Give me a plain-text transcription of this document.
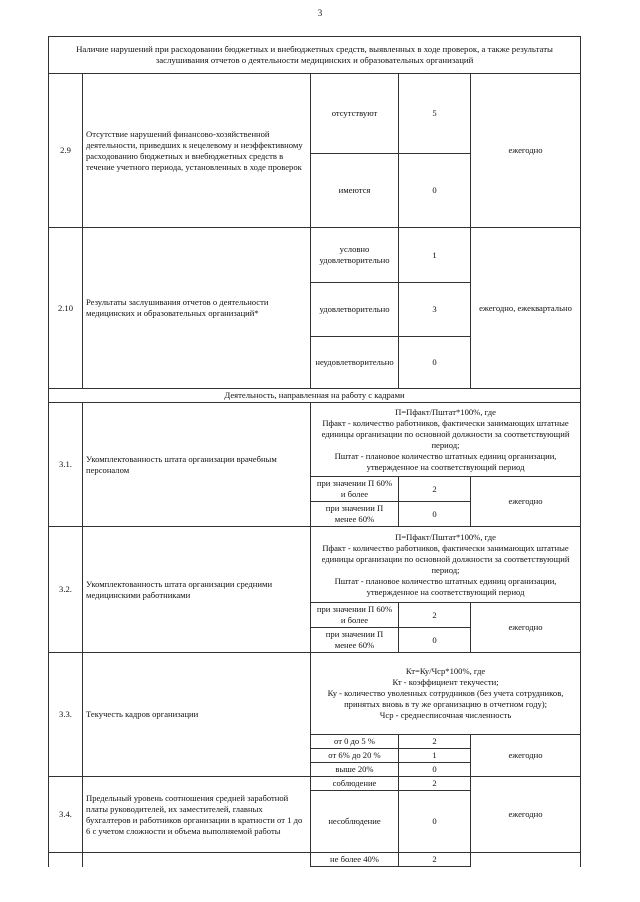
3
Наличие нарушений при расходовании бюджетных и внебюджетных средств, выявленных в ходе проверок, а также результаты заслушивания отчетов о деятельности медицинских и образовательных организаций				
2.9	Отсутствие нарушений финансово-хозяйственной деятельности, приведших к нецелевому и неэффективному расходованию бюджетных и внебюджетных средств в течение учетного периода, установленных в ходе проверок	отсутствуют	5	ежегодно
		имеются	0	
2.10	Результаты заслушивания отчетов о деятельности медицинских и образовательных организаций*	условно удовлетворительно	1	ежегодно, ежеквартально
		удовлетворительно	3	
		неудовлетворительно	0	
Деятельность, направленная на работу с кадрами				
3.1.	Укомплектованность штата организации врачебным персоналом	П=Пфакт/Пштат*100%, где
Пфакт - количество работников, фактически занимающих штатные единицы организации по основной должности за соответствующий период;
Пштат - плановое количество штатных единиц организации, утвержденное на соответствующий период		

		при значении П 60% и более	2	ежегодно
		при значении П менее 60%	0	
3.2.	Укомплектованность штата организации средними медицинскими работниками	П=Пфакт/Пштат*100%, где
Пфакт - количество работников, фактически занимающих штатные единицы организации по основной должности за соответствующий период;
Пштат - плановое количество штатных единиц организации, утвержденное на соответствующий период		

		при значении П 60% и более	2	ежегодно
		при значении П менее 60%	0	
3.3.	Текучесть кадров организации	Кт=Ку/Чср*100%, где
Кт - коэффициент текучести;
Ку - количество уволенных сотрудников (без учета сотрудников, принятых вновь в ту же организацию в отчетном году);
Чср - среднесписочная численность		

		от 0 до 5 %	2	ежегодно
		от 6% до 20 %	1	
		выше 20%	0	
3.4.	Предельный уровень соотношения средней заработной платы руководителей, их заместителей, главных бухгалтеров и работников организации в кратности от 1 до 6 с учетом сложности и объема выполняемой работы	соблюдение	2	ежегодно
		несоблюдение	0	
		не более 40%	2	
